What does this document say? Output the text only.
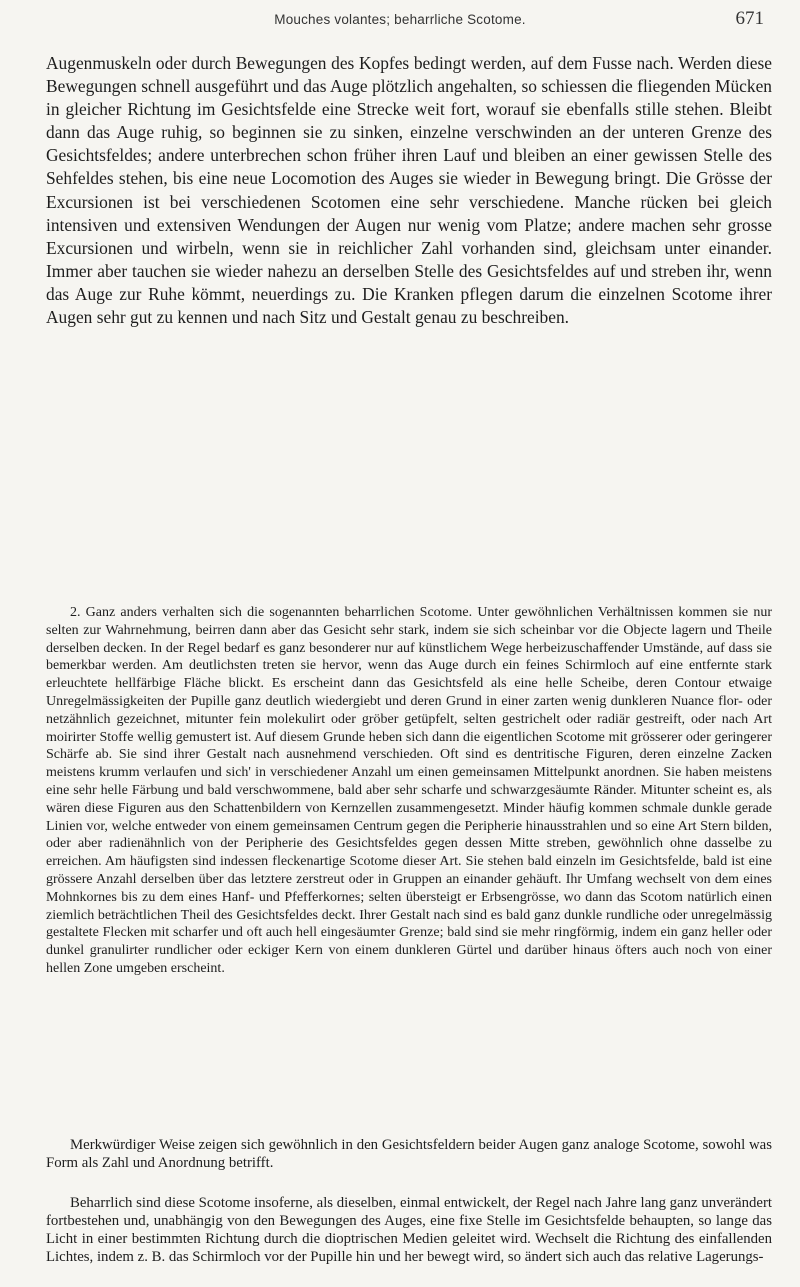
Mouches volantes; beharrliche Scotome.	671

Augenmuskeln oder durch Bewegungen des Kopfes bedingt werden, auf dem Fusse nach. Werden diese Bewegungen schnell ausgeführt und das Auge plötzlich angehalten, so schiessen die fliegenden Mücken in gleicher Richtung im Gesichtsfelde eine Strecke weit fort, worauf sie ebenfalls stille stehen. Bleibt dann das Auge ruhig, so beginnen sie zu sinken, einzelne verschwinden an der unteren Grenze des Gesichtsfeldes; andere unterbrechen schon früher ihren Lauf und bleiben an einer gewissen Stelle des Sehfeldes stehen, bis eine neue Locomotion des Auges sie wieder in Bewegung bringt. Die Grösse der Excursionen ist bei verschiedenen Scotomen eine sehr verschiedene. Manche rücken bei gleich intensiven und extensiven Wendungen der Augen nur wenig vom Platze; andere machen sehr grosse Excursionen und wirbeln, wenn sie in reichlicher Zahl vorhanden sind, gleichsam unter einander. Immer aber tauchen sie wieder nahezu an derselben Stelle des Gesichtsfeldes auf und streben ihr, wenn das Auge zur Ruhe kömmt, neuerdings zu. Die Kranken pflegen darum die einzelnen Scotome ihrer Augen sehr gut zu kennen und nach Sitz und Gestalt genau zu beschreiben.

2. Ganz anders verhalten sich die sogenannten beharrlichen Scotome. Unter gewöhnlichen Verhältnissen kommen sie nur selten zur Wahrnehmung, beirren dann aber das Gesicht sehr stark, indem sie sich scheinbar vor die Objecte lagern und Theile derselben decken. In der Regel bedarf es ganz besonderer nur auf künstlichem Wege herbeizuschaffender Umstände, auf dass sie bemerkbar werden. Am deutlichsten treten sie hervor, wenn das Auge durch ein feines Schirmloch auf eine entfernte stark erleuchtete hellfärbige Fläche blickt. Es erscheint dann das Gesichtsfeld als eine helle Scheibe, deren Contour etwaige Unregelmässigkeiten der Pupille ganz deutlich wiedergiebt und deren Grund in einer zarten wenig dunkleren Nuance flor- oder netzähnlich gezeichnet, mitunter fein molekulirt oder gröber getüpfelt, selten gestrichelt oder radiär gestreift, oder nach Art moirirter Stoffe wellig gemustert ist. Auf diesem Grunde heben sich dann die eigentlichen Scotome mit grösserer oder geringerer Schärfe ab. Sie sind ihrer Gestalt nach ausnehmend verschieden. Oft sind es dentritische Figuren, deren einzelne Zacken meistens krumm verlaufen und sich' in verschiedener Anzahl um einen gemeinsamen Mittelpunkt anordnen. Sie haben meistens eine sehr helle Färbung und bald verschwommene, bald aber sehr scharfe und schwarzgesäumte Ränder. Mitunter scheint es, als wären diese Figuren aus den Schattenbildern von Kernzellen zusammengesetzt. Minder häufig kommen schmale dunkle gerade Linien vor, welche entweder von einem gemeinsamen Centrum gegen die Peripherie hinausstrahlen und so eine Art Stern bilden, oder aber radienähnlich von der Peripherie des Gesichtsfeldes gegen dessen Mitte streben, gewöhnlich ohne dasselbe zu erreichen. Am häufigsten sind indessen fleckenartige Scotome dieser Art. Sie stehen bald einzeln im Gesichtsfelde, bald ist eine grössere Anzahl derselben über das letztere zerstreut oder in Gruppen an einander gehäuft. Ihr Umfang wechselt von dem eines Mohnkornes bis zu dem eines Hanf- und Pfefferkornes; selten übersteigt er Erbsengrösse, wo dann das Scotom natürlich einen ziemlich beträchtlichen Theil des Gesichtsfeldes deckt. Ihrer Gestalt nach sind es bald ganz dunkle rundliche oder unregelmässig gestaltete Flecken mit scharfer und oft auch hell eingesäumter Grenze; bald sind sie mehr ringförmig, indem ein ganz heller oder dunkel granulirter rundlicher oder eckiger Kern von einem dunkleren Gürtel und darüber hinaus öfters auch noch von einer hellen Zone umgeben erscheint.

Merkwürdiger Weise zeigen sich gewöhnlich in den Gesichtsfeldern beider Augen ganz analoge Scotome, sowohl was Form als Zahl und Anordnung betrifft.

Beharrlich sind diese Scotome insoferne, als dieselben, einmal entwickelt, der Regel nach Jahre lang ganz unverändert fortbestehen und, unabhängig von den Bewegungen des Auges, eine fixe Stelle im Gesichtsfelde behaupten, so lange das Licht in einer bestimmten Richtung durch die dioptrischen Medien geleitet wird. Wechselt die Richtung des einfallenden Lichtes, indem z. B. das Schirmloch vor der Pupille hin und her bewegt wird, so ändert sich auch das relative Lagerungs-
